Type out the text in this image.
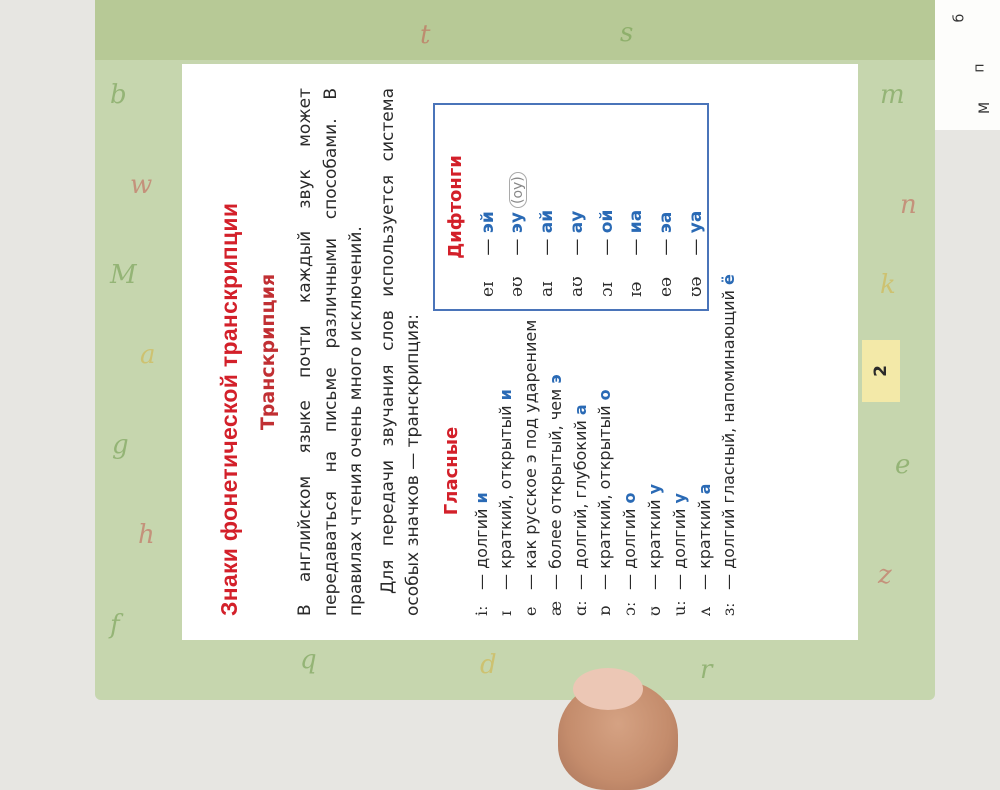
b
w
M
a
g
h
f
m
n
k
e
z
q	d	r
t	s
Знаки фонетической транскрипции Транскрипция В английском языке почти каждый звук может передаваться на письме различными способами. В правилах чтения очень много исключений. Для передачи звучания слов используется система особых значков — транскрипция: Гласные
iː— долгий и
ɪ— краткий, открытый и
e— как русское э под ударением
æ— более открытый, чем э
ɑː— долгий, глубокий а
ɒ— краткий, открытый о
ɔː— долгий о
ʊ— краткий у
uː— долгий у
ʌ— краткий а
ɜː— долгий гласный, напоминающий ё
Дифтонги
eɪ — эй
əʊ — эу(оу)
aɪ — ай
aʊ — ау
ɔɪ — ой
ɪə — иа
eə — эа
ʊə — уа
2
б
п
М
